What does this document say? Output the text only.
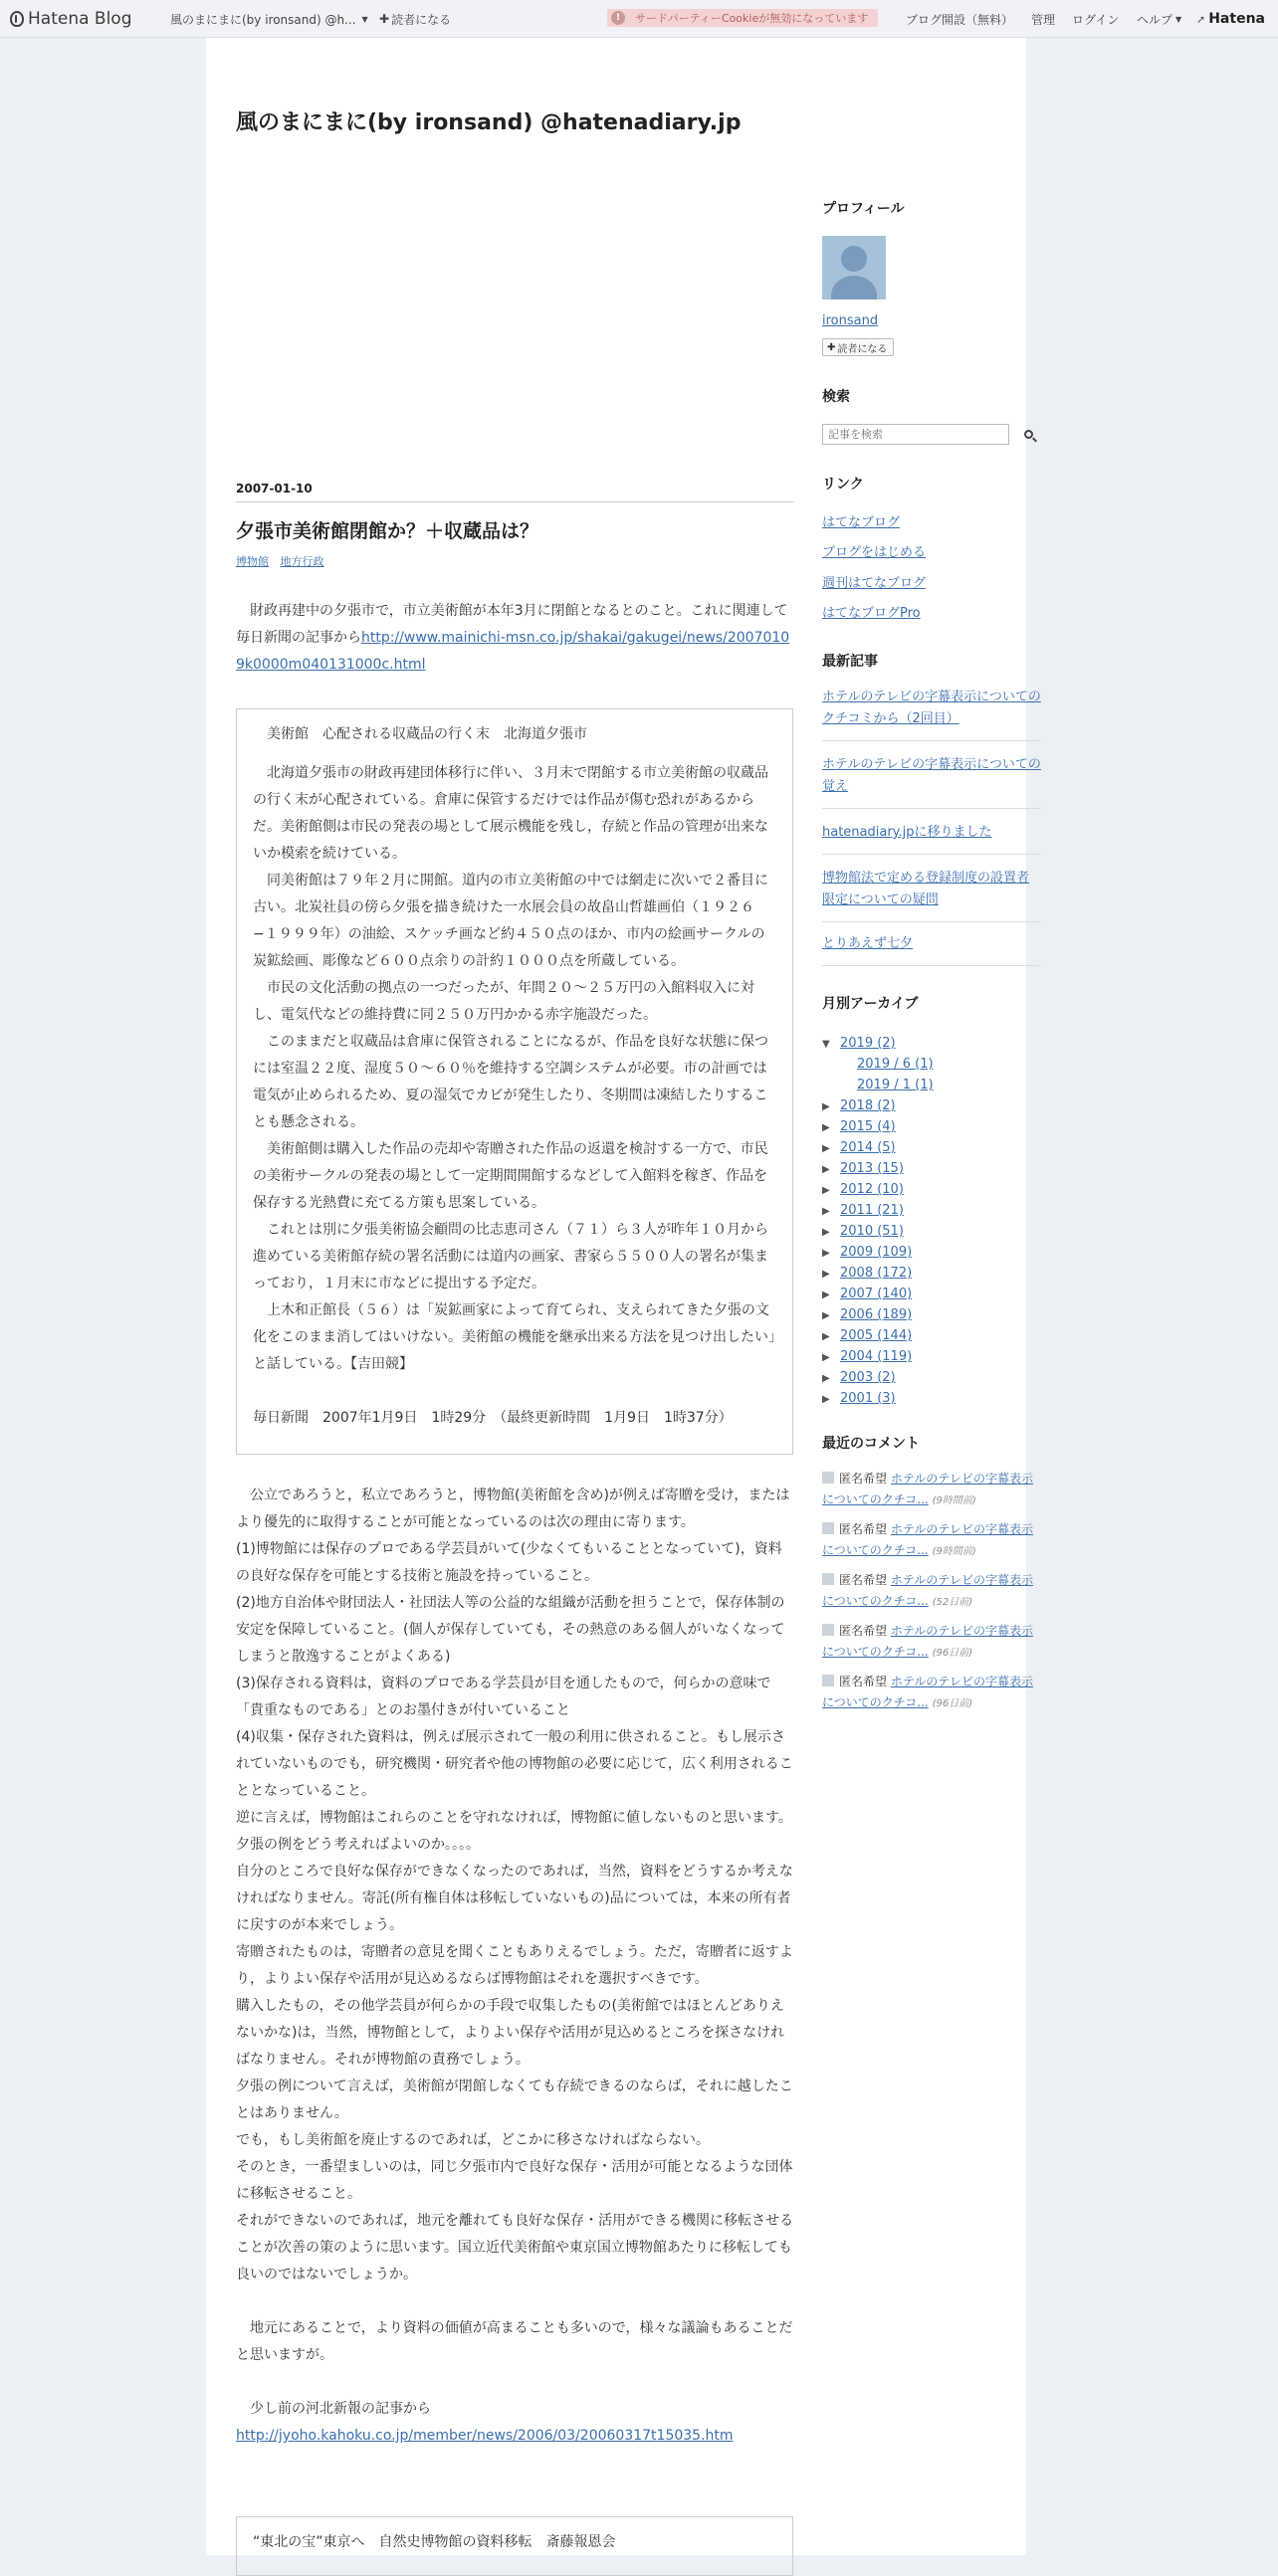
Hatena Blog	風のまにまに(by ironsand) @h... ▼ ✚ 読者になる	!	サードパーティーCookieが無効になっています	ブログ開設（無料） 管理 ログイン ヘルプ ▼ ➚ Hatena
風のまにまに(by ironsand) @hatenadiary.jp
2007-01-10
夕張市美術館閉館か？＋収蔵品は？
博物館 地方行政
　財政再建中の夕張市で，市立美術館が本年3月に閉館となるとのこと。これに関連して毎日新聞の記事からhttp://www.mainichi-msn.co.jp/shakai/gakugei/news/20070109k0000m040131000c.html
　美術館　心配される収蔵品の行く末　北海道夕張市
　北海道夕張市の財政再建団体移行に伴い、３月末で閉館する市立美術館の収蔵品の行く末が心配されている。倉庫に保管するだけでは作品が傷む恐れがあるからだ。美術館側は市民の発表の場として展示機能を残し，存続と作品の管理が出来ないか模索を続けている。
　同美術館は７９年２月に開館。道内の市立美術館の中では網走に次いで２番目に古い。北炭社員の傍ら夕張を描き続けた一水展会員の故畠山哲雄画伯（１９２６−１９９９年）の油絵、スケッチ画など約４５０点のほか、市内の絵画サークルの炭鉱絵画、彫像など６００点余りの計約１０００点を所蔵している。
　市民の文化活動の拠点の一つだったが、年間２０〜２５万円の入館料収入に対し、電気代などの維持費に同２５０万円かかる赤字施設だった。
　このままだと収蔵品は倉庫に保管されることになるが、作品を良好な状態に保つには室温２２度、湿度５０〜６０％を維持する空調システムが必要。市の計画では電気が止められるため、夏の湿気でカビが発生したり、冬期間は凍結したりすることも懸念される。
　美術館側は購入した作品の売却や寄贈された作品の返還を検討する一方で、市民の美術サークルの発表の場として一定期間開館するなどして入館料を稼ぎ、作品を保存する光熱費に充てる方策も思案している。
　これとは別に夕張美術協会顧問の比志恵司さん（７１）ら３人が昨年１０月から進めている美術館存続の署名活動には道内の画家、書家ら５５００人の署名が集まっており，１月末に市などに提出する予定だ。
　上木和正館長（５６）は「炭鉱画家によって育てられ、支えられてきた夕張の文化をこのまま消してはいけない。美術館の機能を継承出来る方法を見つけ出したい」と話している。【吉田競】
毎日新聞　2007年1月9日　1時29分　（最終更新時間　1月9日　1時37分）

　公立であろうと，私立であろうと，博物館(美術館を含め)が例えば寄贈を受け，またはより優先的に取得することが可能となっているのは次の理由に寄ります。

(1)博物館には保存のプロである学芸員がいて(少なくてもいることとなっていて)，資料の良好な保存を可能とする技術と施設を持っていること。

(2)地方自治体や財団法人・社団法人等の公益的な組織が活動を担うことで，保存体制の安定を保障していること。(個人が保存していても，その熱意のある個人がいなくなってしまうと散逸することがよくある)

(3)保存される資料は，資料のプロである学芸員が目を通したもので，何らかの意味で「貴重なものである」とのお墨付きが付いていること

(4)収集・保存された資料は，例えば展示されて一般の利用に供されること。もし展示されていないものでも，研究機関・研究者や他の博物館の必要に応じて，広く利用されることとなっていること。

逆に言えば，博物館はこれらのことを守れなければ，博物館に値しないものと思います。

夕張の例をどう考えればよいのか。。。。

自分のところで良好な保存ができなくなったのであれば，当然，資料をどうするか考えなければなりません。寄託(所有権自体は移転していないもの)品については，本来の所有者に戻すのが本来でしょう。

寄贈されたものは，寄贈者の意見を聞くこともありえるでしょう。ただ，寄贈者に返すより，よりよい保存や活用が見込めるならば博物館はそれを選択すべきです。

購入したもの，その他学芸員が何らかの手段で収集したもの(美術館ではほとんどありえないかな)は，当然，博物館として，よりよい保存や活用が見込めるところを探さなければなりません。それが博物館の責務でしょう。

夕張の例について言えば，美術館が閉館しなくても存続できるのならば，それに越したことはありません。

でも，もし美術館を廃止するのであれば，どこかに移さなければならない。

そのとき，一番望ましいのは，同じ夕張市内で良好な保存・活用が可能となるような団体に移転させること。

それができないのであれば，地元を離れても良好な保存・活用ができる機関に移転させることが次善の策のように思います。国立近代美術館や東京国立博物館あたりに移転しても良いのではないでしょうか。

　地元にあることで，より資料の価値が高まることも多いので，様々な議論もあることだと思いますが。

　少し前の河北新報の記事から

http://jyoho.kahoku.co.jp/member/news/2006/03/20060317t15035.htm

“東北の宝”東京へ　自然史博物館の資料移転　斎藤報恩会
プロフィール
ironsand
✚ 読者になる
検索
記事を検索
リンク
はてなブログ
ブログをはじめる
週刊はてなブログ
はてなブログPro
最新記事
ホテルのテレビの字幕表示についてのクチコミから（2回目）
ホテルのテレビの字幕表示についての覚え
hatenadiary.jpに移りました
博物館法で定める登録制度の設置者限定についての疑問
とりあえず七夕
月別アーカイブ
▼ 2019 (2)
2019 / 6 (1)
2019 / 1 (1)
▶ 2018 (2)
▶ 2015 (4)
▶ 2014 (5)
▶ 2013 (15)
▶ 2012 (10)
▶ 2011 (21)
▶ 2010 (51)
▶ 2009 (109)
▶ 2008 (172)
▶ 2007 (140)
▶ 2006 (189)
▶ 2005 (144)
▶ 2004 (119)
▶ 2003 (2)
▶ 2001 (3)
最近のコメント
匿名希望 ホテルのテレビの字幕表示についてのクチコ... (9時間前)
匿名希望 ホテルのテレビの字幕表示についてのクチコ... (9時間前)
匿名希望 ホテルのテレビの字幕表示についてのクチコ... (52日前)
匿名希望 ホテルのテレビの字幕表示についてのクチコ... (96日前)
匿名希望 ホテルのテレビの字幕表示についてのクチコ... (96日前)
